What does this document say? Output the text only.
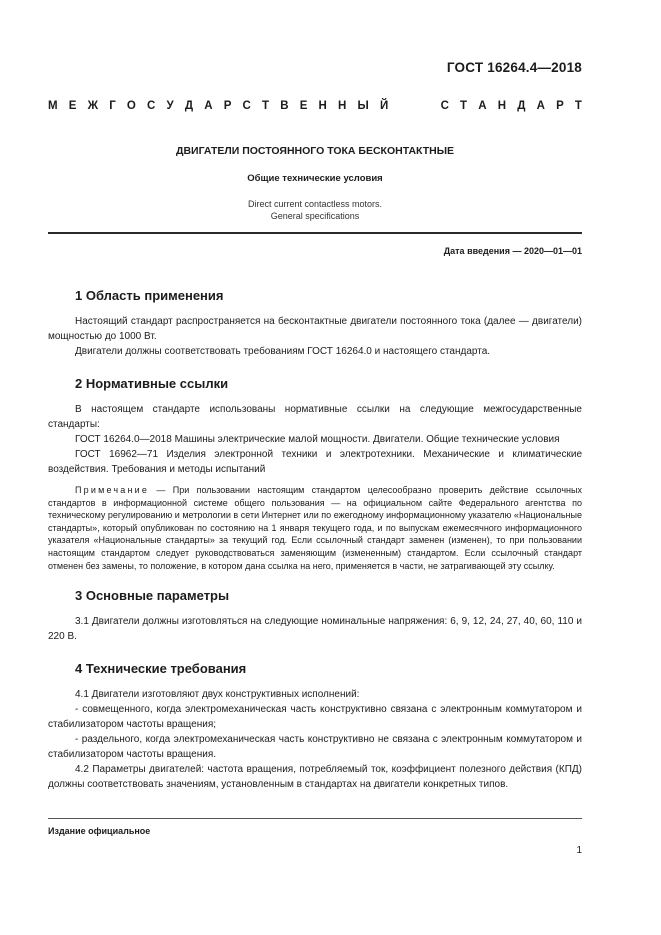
ГОСТ 16264.4—2018
М Е Ж Г О С У Д А Р С Т В Е Н Н Ы Й	С Т А Н Д А Р Т
ДВИГАТЕЛИ ПОСТОЯННОГО ТОКА БЕСКОНТАКТНЫЕ
Общие технические условия
Direct current contactless motors.
General specifications
Дата введения — 2020—01—01
1 Область применения

Настоящий стандарт распространяется на бесконтактные двигатели постоянного тока (далее — двигатели) мощностью до 1000 Вт.

Двигатели должны соответствовать требованиям ГОСТ 16264.0 и настоящего стандарта.

2 Нормативные ссылки

В настоящем стандарте использованы нормативные ссылки на следующие межгосударственные стандарты:

ГОСТ 16264.0—2018 Машины электрические малой мощности. Двигатели. Общие технические условия

ГОСТ 16962—71 Изделия электронной техники и электротехники. Механические и климатические воздействия. Требования и методы испытаний

Примечание — При пользовании настоящим стандартом целесообразно проверить действие ссылочных стандартов в информационной системе общего пользования — на официальном сайте Федерального агентства по техническому регулированию и метрологии в сети Интернет или по ежегодному информационному указателю «Национальные стандарты», который опубликован по состоянию на 1 января текущего года, и по выпускам ежемесячного информационного указателя «Национальные стандарты» за текущий год. Если ссылочный стандарт заменен (изменен), то при пользовании настоящим стандартом следует руководствоваться заменяющим (измененным) стандартом. Если ссылочный стандарт отменен без замены, то положение, в котором дана ссылка на него, применяется в части, не затрагивающей эту ссылку.

3 Основные параметры

3.1 Двигатели должны изготовляться на следующие номинальные напряжения: 6, 9, 12, 24, 27, 40, 60, 110 и 220 В.

4 Технические требования

4.1 Двигатели изготовляют двух конструктивных исполнений:

- совмещенного, когда электромеханическая часть конструктивно связана с электронным коммутатором и стабилизатором частоты вращения;

- раздельного, когда электромеханическая часть конструктивно не связана с электронным коммутатором и стабилизатором частоты вращения.

4.2 Параметры двигателей: частота вращения, потребляемый ток, коэффициент полезного действия (КПД) должны соответствовать значениям, установленным в стандартах на двигатели конкретных типов.

Издание официальное
1
